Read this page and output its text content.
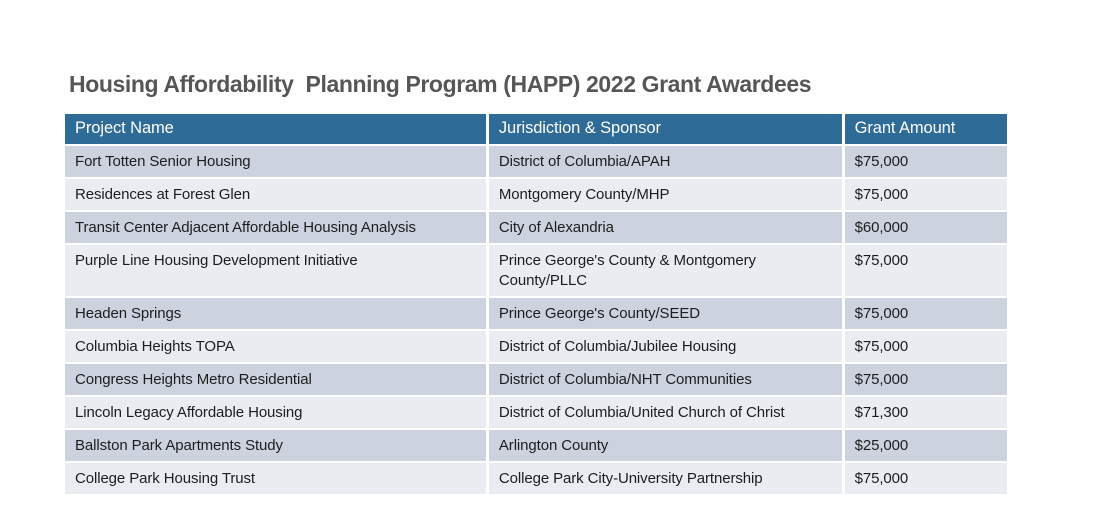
Housing Affordability  Planning Program (HAPP) 2022 Grant Awardees
Project Name	Jurisdiction & Sponsor	Grant Amount
Fort Totten Senior Housing	District of Columbia/APAH	$75,000
Residences at Forest Glen	Montgomery County/MHP	$75,000
Transit Center Adjacent Affordable Housing Analysis	City of Alexandria	$60,000
Purple Line Housing Development Initiative	Prince George's County & Montgomery County/PLLC	$75,000
Headen Springs	Prince George's County/SEED	$75,000
Columbia Heights TOPA	District of Columbia/Jubilee Housing	$75,000
Congress Heights Metro Residential	District of Columbia/NHT Communities	$75,000
Lincoln Legacy Affordable Housing	District of Columbia/United Church of Christ	$71,300
Ballston Park Apartments Study	Arlington County	$25,000
College Park Housing Trust	College Park City-University Partnership	$75,000
